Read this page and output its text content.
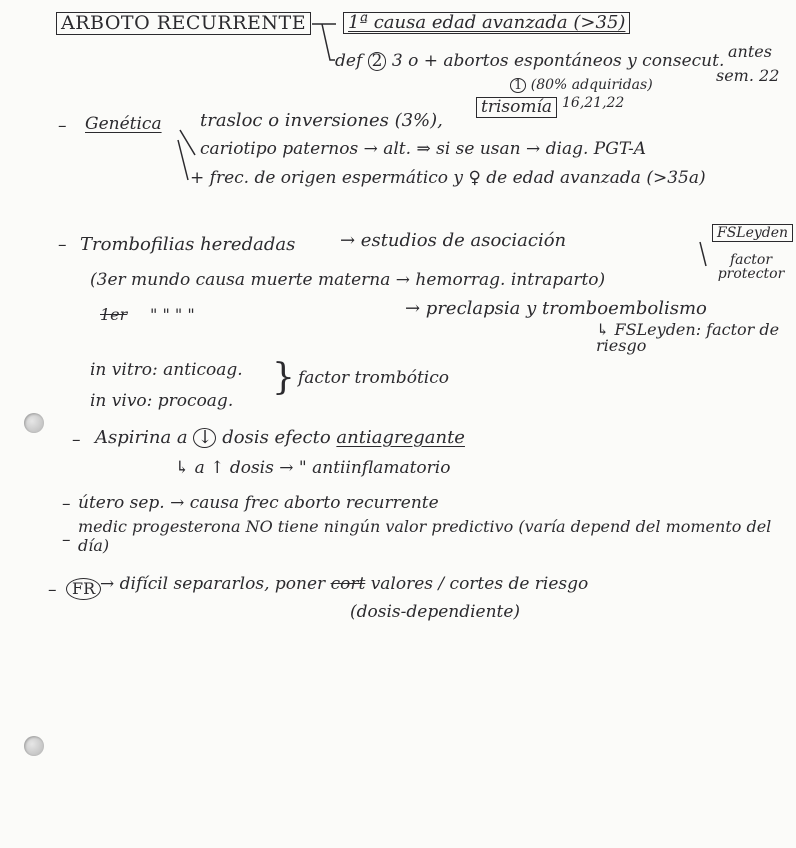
ARBOTO RECURRENTE 1ª causa edad avanzada (>35)
def 2 3 o + abortos espontáneos y consecut. antes
sem. 22
1 (80% adquiridas)
– Genética trasloc o inversiones (3%),
trisomía 16,21,22
cariotipo paternos → alt. ⇒ si se usan → diag. PGT-A
+ frec. de origen espermático y ♀ de edad avanzada (>35a)
– Trombofilias heredadas → estudios de asociación	FSLeyden
factor protector
(3er mundo causa muerte materna → hemorrag. intraparto)
1er " " " "	→ preclapsia y tromboembolismo
↳ FSLeyden: factor de riesgo
in vitro: anticoag.
in vivo: procoag.
} factor trombótico
– Aspirina a ↓ dosis efecto antiagregante
↳ a ↑ dosis → " antiinflamatorio
– útero sep. → causa frec aborto recurrente
–
medic progesterona NO tiene ningún valor predictivo (varía depend del momento del día)
– FR → difícil separarlos, poner cort valores / cortes de riesgo
(dosis-dependiente)
